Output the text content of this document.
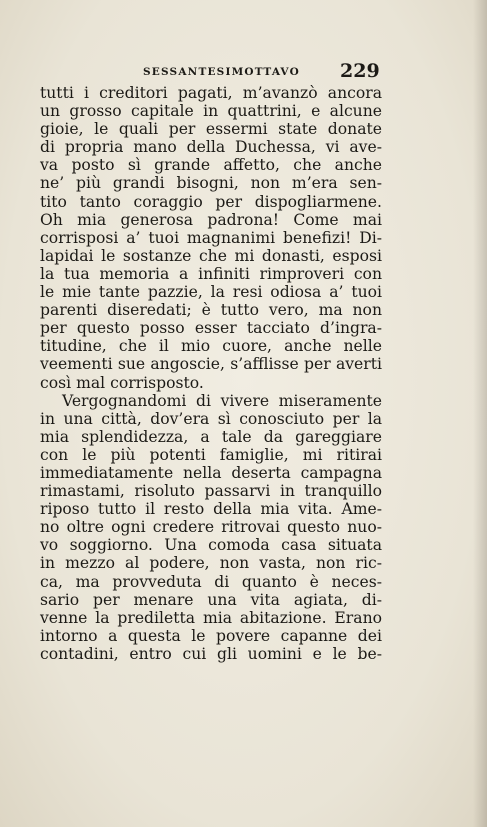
SESSANTESIMOTTAVO 229
tutti i creditori pagati, m’avanzò ancora
un grosso capitale in quattrini, e alcune
gioie, le quali per essermi state donate
di propria mano della Duchessa, vi ave-
va posto sì grande affetto, che anche
ne’ più grandi bisogni, non m’era sen-
tito tanto coraggio per dispogliarmene.
Oh mia generosa padrona! Come mai
corrisposi a’ tuoi magnanimi benefizi! Di-
lapidai le sostanze che mi donasti, esposi
la tua memoria a infiniti rimproveri con
le mie tante pazzie, la resi odiosa a’ tuoi
parenti diseredati; è tutto vero, ma non
per questo posso esser tacciato d’ingra-
titudine, che il mio cuore, anche nelle
veementi sue angoscie, s’afflisse per averti
così mal corrisposto.
Vergognandomi di vivere miseramente
in una città, dov’era sì conosciuto per la
mia splendidezza, a tale da gareggiare
con le più potenti famiglie, mi ritirai
immediatamente nella deserta campagna
rimastami, risoluto passarvi in tranquillo
riposo tutto il resto della mia vita. Ame-
no oltre ogni credere ritrovai questo nuo-
vo soggiorno. Una comoda casa situata
in mezzo al podere, non vasta, non ric-
ca, ma provveduta di quanto è neces-
sario per menare una vita agiata, di-
venne la prediletta mia abitazione. Erano
intorno a questa le povere capanne dei
contadini, entro cui gli uomini e le be-
